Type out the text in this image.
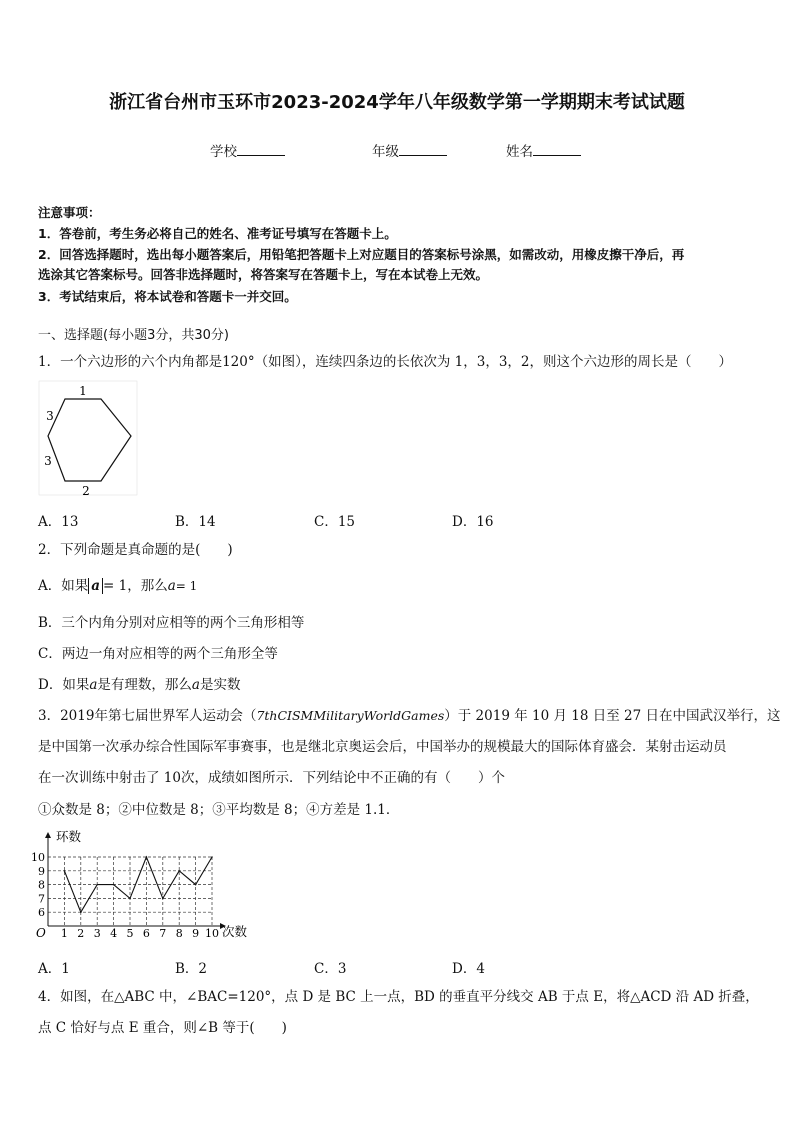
浙江省台州市玉环市2023-2024学年八年级数学第一学期期末考试试题
学校	年级	姓名
注意事项：
1．答卷前，考生务必将自己的姓名、准考证号填写在答题卡上。
2．回答选择题时，选出每小题答案后，用铅笔把答题卡上对应题目的答案标号涂黑，如需改动，用橡皮擦干净后，再
选涂其它答案标号。回答非选择题时，将答案写在答题卡上，写在本试卷上无效。
3．考试结束后，将本试卷和答题卡一并交回。
一、选择题(每小题3分，共30分)
1．一个六边形的六个内角都是120°（如图），连续四条边的长依次为 1，3，3，2，则这个六边形的周长是（　　）
1
3
3
2
A．13	B．14	C．15	D．16
2．下列命题是真命题的是(　　)
A．如果 a = 1，那么a= 1
B．三个内角分别对应相等的两个三角形相等
C．两边一角对应相等的两个三角形全等
D．如果a是有理数，那么a是实数
3．2019年第七届世界军人运动会（7thCISMMilitaryWorldGames）于 2019 年 10 月 18 日至 27 日在中国武汉举行，这
是中国第一次承办综合性国际军事赛事，也是继北京奥运会后，中国举办的规模最大的国际体育盛会．某射击运动员
在一次训练中射击了 10次，成绩如图所示．下列结论中不正确的有（　　）个
①众数是 8；②中位数是 8；③平均数是 8；④方差是 1.1．
环数
次数
O 1 2 3 4 5 6 7 8 9 10
6
7
8
9
10
A．1	B．2	C．3	D．4
4．如图，在△ABC 中，∠BAC=120°，点 D 是 BC 上一点，BD 的垂直平分线交 AB 于点 E，将△ACD 沿 AD 折叠，
点 C 恰好与点 E 重合，则∠B 等于(　　)
